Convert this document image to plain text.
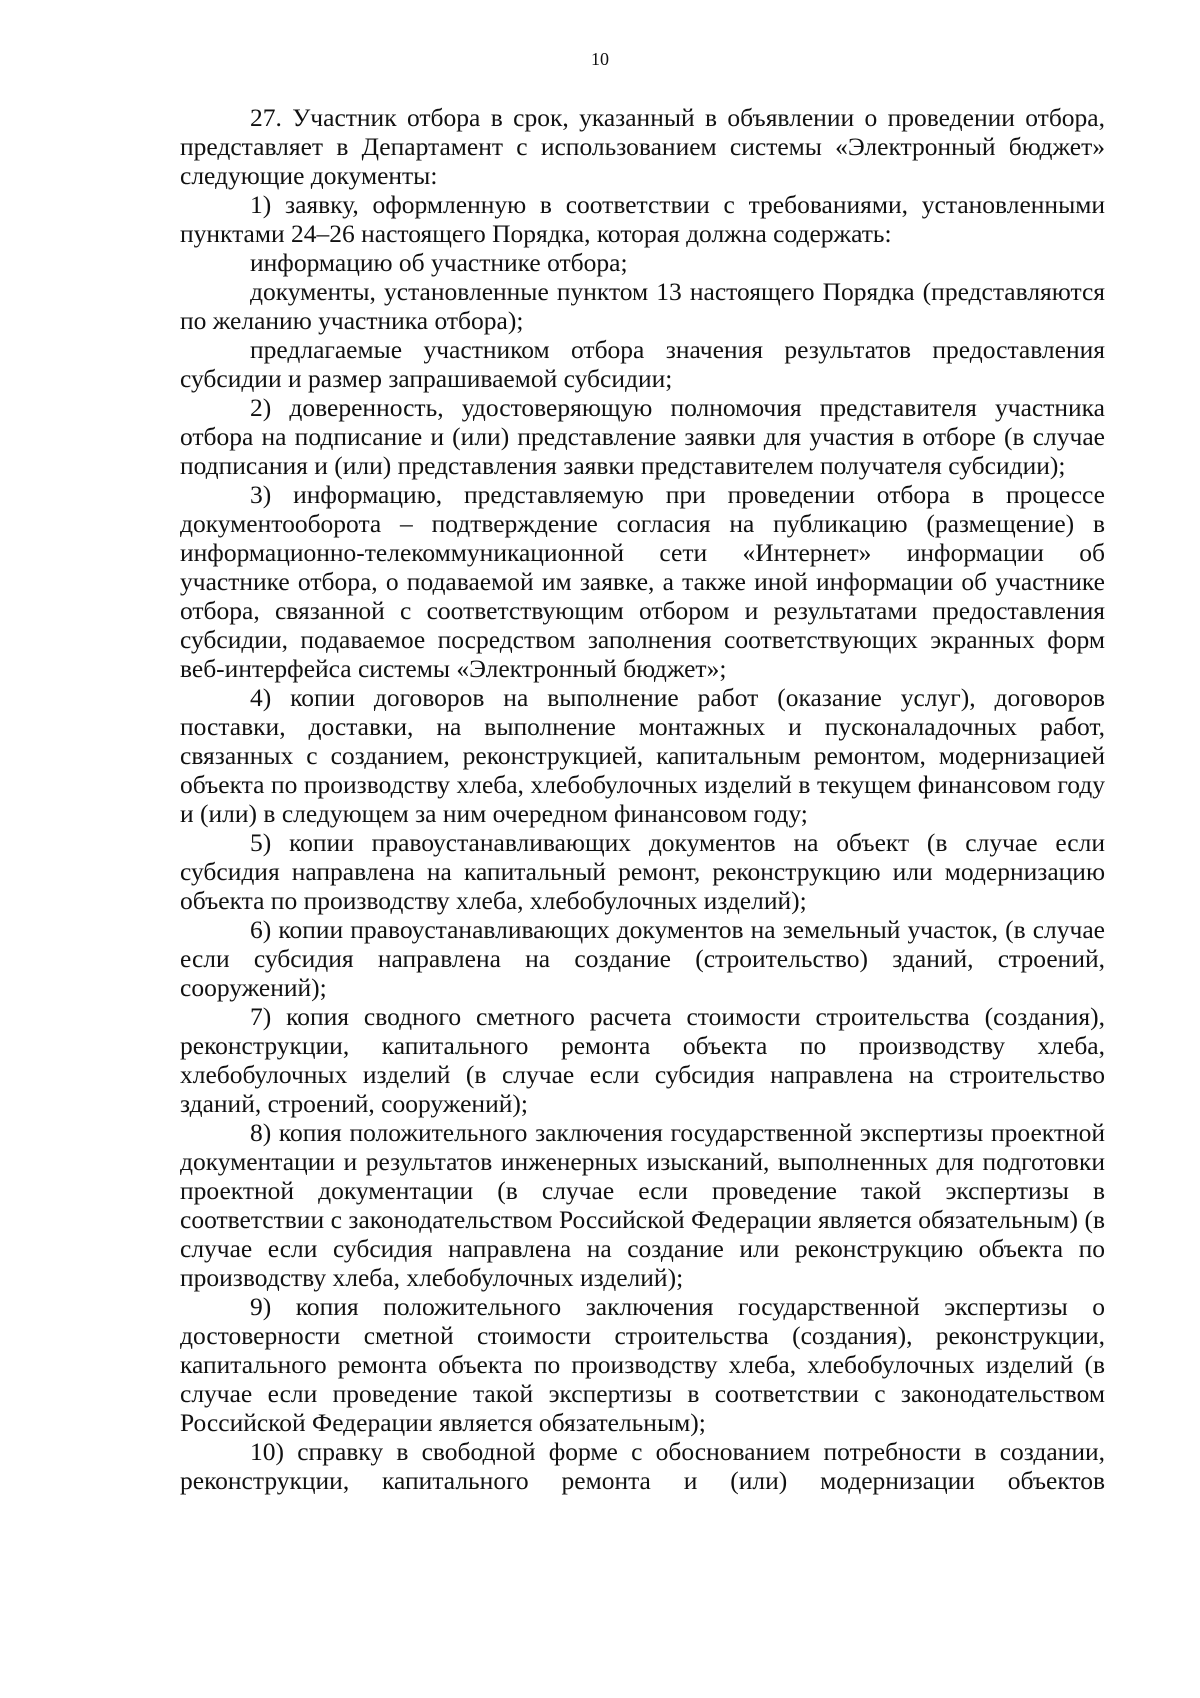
10

27. Участник отбора в срок, указанный в объявлении о проведении отбора, представляет в Департамент с использованием системы «Электронный бюджет» следующие документы:

1) заявку, оформленную в соответствии с требованиями, установленными пунктами 24–26 настоящего Порядка, которая должна содержать:

информацию об участнике отбора;

документы, установленные пунктом 13 настоящего Порядка (представляются по желанию участника отбора);

предлагаемые участником отбора значения результатов предоставления субсидии и размер запрашиваемой субсидии;

2) доверенность, удостоверяющую полномочия представителя участника отбора на подписание и (или) представление заявки для участия в отборе (в случае подписания и (или) представления заявки представителем получателя субсидии);

3) информацию, представляемую при проведении отбора в процессе документооборота – подтверждение согласия на публикацию (размещение) в информационно-телекоммуникационной сети «Интернет» информации об участнике отбора, о подаваемой им заявке, а также иной информации об участнике отбора, связанной с соответствующим отбором и результатами предоставления субсидии, подаваемое посредством заполнения соответствующих экранных форм веб-интерфейса системы «Электронный бюджет»;

4) копии договоров на выполнение работ (оказание услуг), договоров поставки, доставки, на выполнение монтажных и пусконаладочных работ, связанных с созданием, реконструкцией, капитальным ремонтом, модернизацией объекта по производству хлеба, хлебобулочных изделий в текущем финансовом году и (или) в следующем за ним очередном финансовом году;

5) копии правоустанавливающих документов на объект (в случае если субсидия направлена на капитальный ремонт, реконструкцию или модернизацию объекта по производству хлеба, хлебобулочных изделий);

6) копии правоустанавливающих документов на земельный участок, (в случае если субсидия направлена на создание (строительство) зданий, строений, сооружений);

7) копия сводного сметного расчета стоимости строительства (создания), реконструкции, капитального ремонта объекта по производству хлеба, хлебобулочных изделий (в случае если субсидия направлена на строительство зданий, строений, сооружений);

8) копия положительного заключения государственной экспертизы проектной документации и результатов инженерных изысканий, выполненных для подготовки проектной документации (в случае если проведение такой экспертизы в соответствии с законодательством Российской Федерации является обязательным) (в случае если субсидия направлена на создание или реконструкцию объекта по производству хлеба, хлебобулочных изделий);

9) копия положительного заключения государственной экспертизы о достоверности сметной стоимости строительства (создания), реконструкции, капитального ремонта объекта по производству хлеба, хлебобулочных изделий (в случае если проведение такой экспертизы в соответствии с законодательством Российской Федерации является обязательным);

10) справку в свободной форме с обоснованием потребности в создании, реконструкции, капитального ремонта и (или) модернизации объектов
